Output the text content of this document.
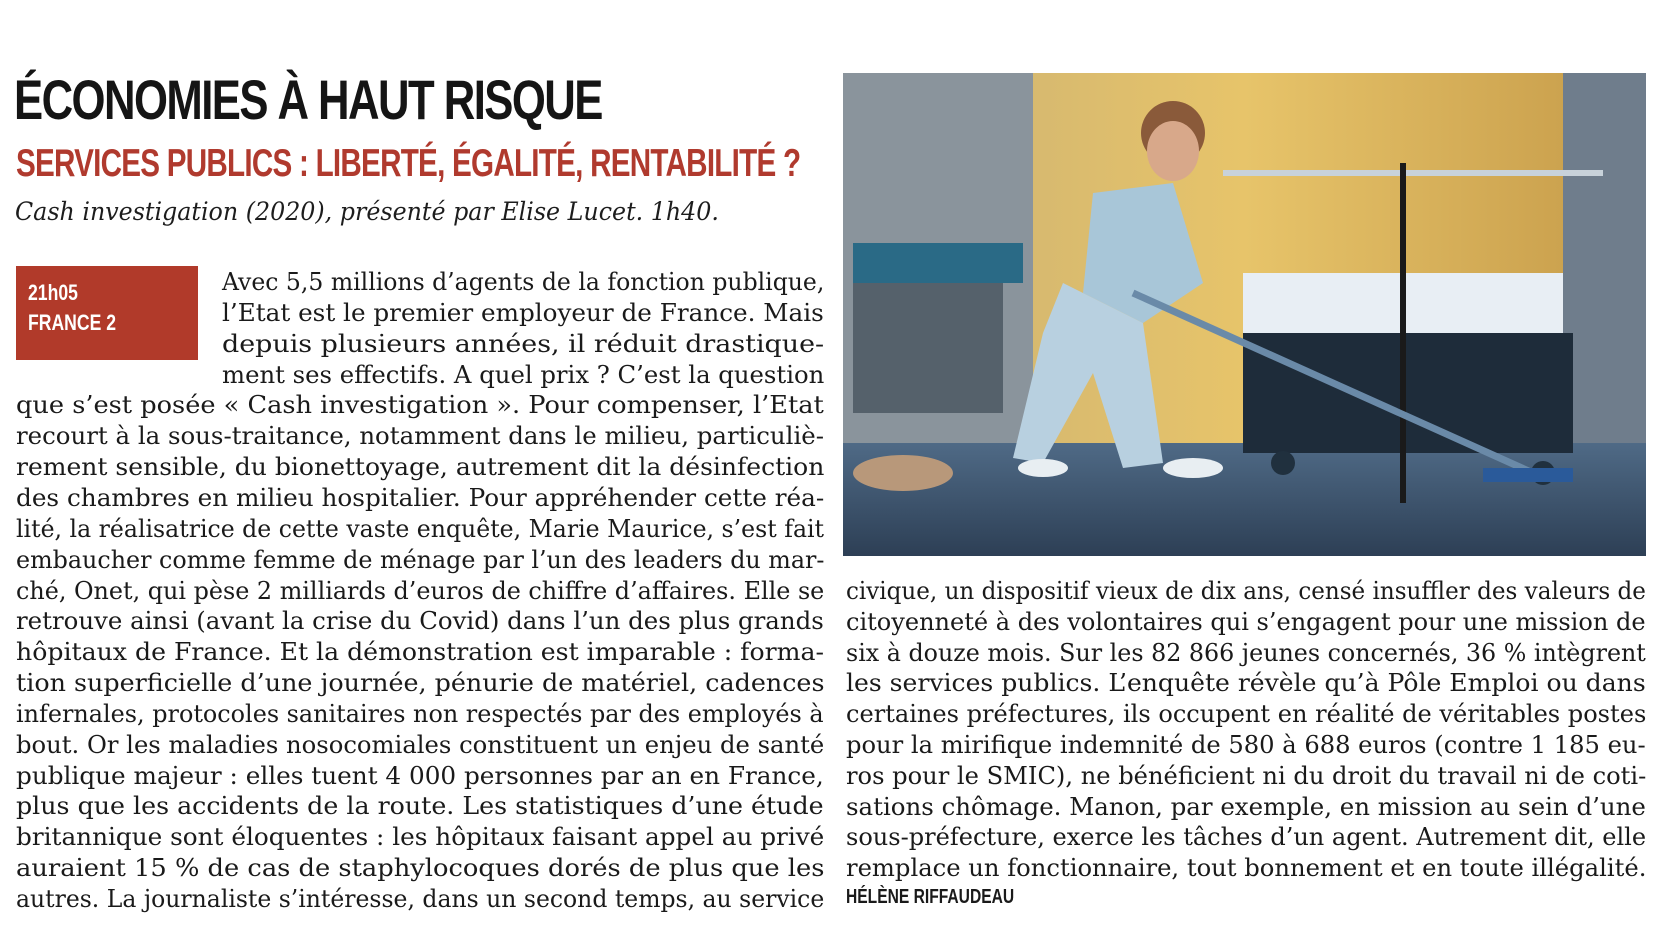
ÉCONOMIES À HAUT RISQUE
SERVICES PUBLICS : LIBERTÉ, ÉGALITÉ, RENTABILITÉ ?
Cash investigation (2020), présenté par Elise Lucet. 1h40.
21h05
FRANCE 2
Avec 5,5 millions d’agents de la fonction publique,
l’Etat est le premier employeur de France. Mais
depuis plusieurs années, il réduit drastique-
ment ses effectifs. A quel prix ? C’est la question
que s’est posée « Cash investigation ». Pour compenser, l’Etat
recourt à la sous-traitance, notamment dans le milieu, particuliè-
rement sensible, du bionettoyage, autrement dit la désinfection
des chambres en milieu hospitalier. Pour appréhender cette réa-
lité, la réalisatrice de cette vaste enquête, Marie Maurice, s’est fait
embaucher comme femme de ménage par l’un des leaders du mar-
ché, Onet, qui pèse 2 milliards d’euros de chiffre d’affaires. Elle se
retrouve ainsi (avant la crise du Covid) dans l’un des plus grands
hôpitaux de France. Et la démonstration est imparable : forma-
tion superficielle d’une journée, pénurie de matériel, cadences
infernales, protocoles sanitaires non respectés par des employés à
bout. Or les maladies nosocomiales constituent un enjeu de santé
publique majeur : elles tuent 4 000 personnes par an en France,
plus que les accidents de la route. Les statistiques d’une étude
britannique sont éloquentes : les hôpitaux faisant appel au privé
auraient 15 % de cas de staphylocoques dorés de plus que les
autres. La journaliste s’intéresse, dans un second temps, au service
civique, un dispositif vieux de dix ans, censé insuffler des valeurs de
citoyenneté à des volontaires qui s’engagent pour une mission de
six à douze mois. Sur les 82 866 jeunes concernés, 36 % intègrent
les services publics. L’enquête révèle qu’à Pôle Emploi ou dans
certaines préfectures, ils occupent en réalité de véritables postes
pour la mirifique indemnité de 580 à 688 euros (contre 1 185 eu-
ros pour le SMIC), ne bénéficient ni du droit du travail ni de coti-
sations chômage. Manon, par exemple, en mission au sein d’une
sous-préfecture, exerce les tâches d’un agent. Autrement dit, elle
remplace un fonctionnaire, tout bonnement et en toute illégalité.
HÉLÈNE RIFFAUDEAU
